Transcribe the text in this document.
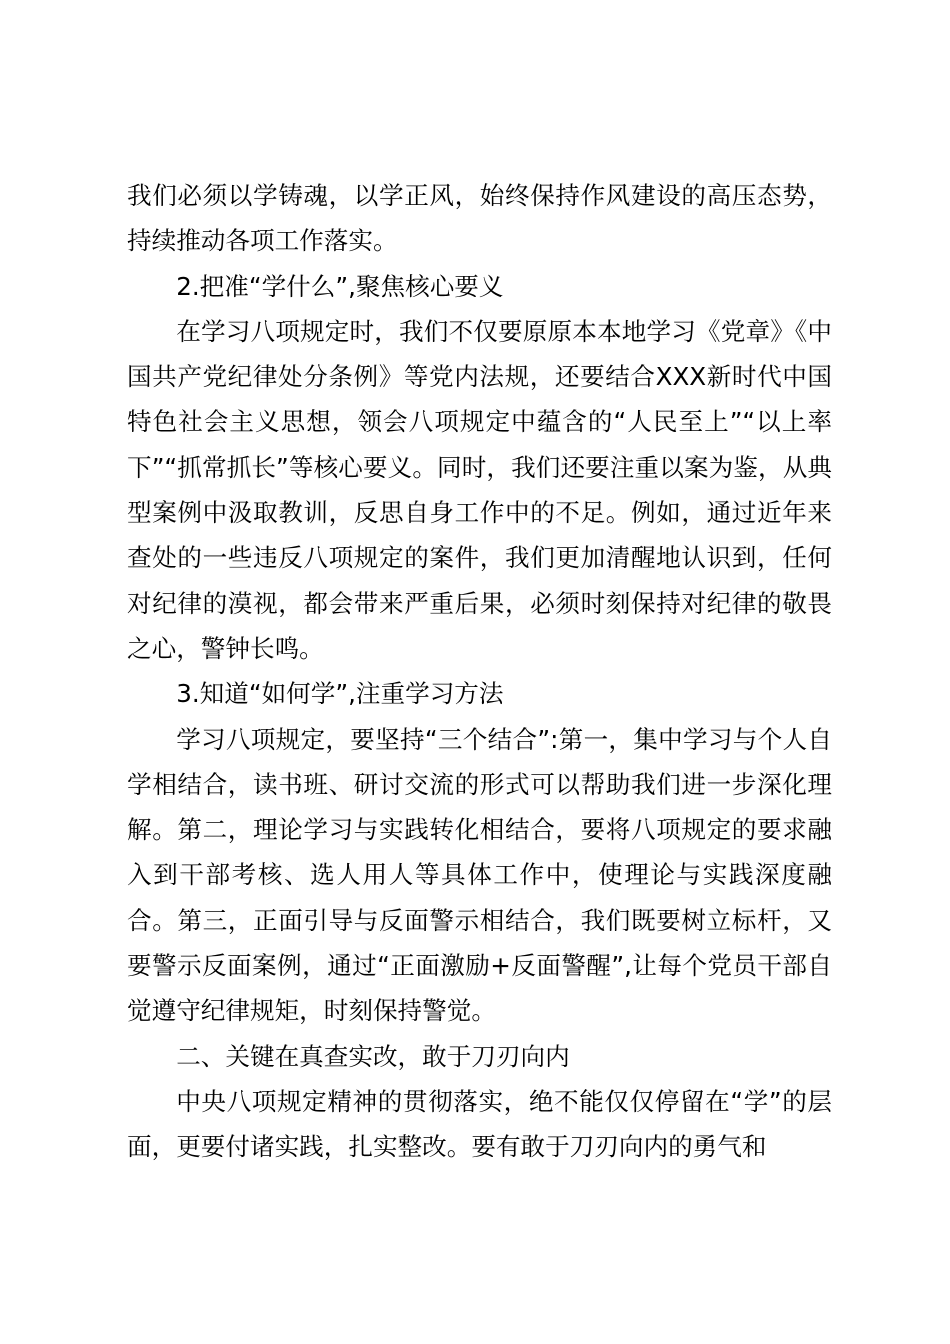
我们必须以学铸魂，以学正风，始终保持作风建设的高压态势，持续推动各项工作落实。

2.把准“学什么”,聚焦核心要义

在学习八项规定时，我们不仅要原原本本地学习《党章》《中国共产党纪律处分条例》等党内法规，还要结合XXX新时代中国特色社会主义思想，领会八项规定中蕴含的“人民至上”“以上率下”“抓常抓长”等核心要义。同时，我们还要注重以案为鉴，从典型案例中汲取教训，反思自身工作中的不足。例如，通过近年来查处的一些违反八项规定的案件，我们更加清醒地认识到，任何对纪律的漠视，都会带来严重后果，必须时刻保持对纪律的敬畏之心，警钟长鸣。

3.知道“如何学”,注重学习方法

学习八项规定，要坚持“三个结合”:第一，集中学习与个人自学相结合，读书班、研讨交流的形式可以帮助我们进一步深化理解。第二，理论学习与实践转化相结合，要将八项规定的要求融入到干部考核、选人用人等具体工作中，使理论与实践深度融合。第三，正面引导与反面警示相结合，我们既要树立标杆，又要警示反面案例，通过“正面激励+反面警醒”,让每个党员干部自觉遵守纪律规矩，时刻保持警觉。

二、关键在真查实改，敢于刀刃向内

中央八项规定精神的贯彻落实，绝不能仅仅停留在“学”的层面，更要付诸实践，扎实整改。要有敢于刀刃向内的勇气和
